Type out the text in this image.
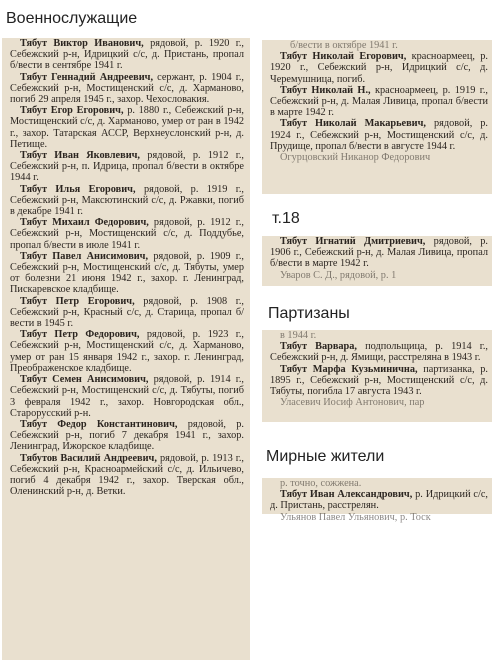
Военнослужащие
т.18
Партизаны
Мирные жители

Тябут Виктор Иванович, рядовой, р. 1920 г., Себежский р-н, Идрицкий с/с, д. Пристань, пропал б/вести в сентябре 1941 г.

Тябут Геннадий Андреевич, сержант, р. 1904 г., Себежский р-н, Мостищенский с/с, д. Харманово, погиб 29 апреля 1945 г., захор. Чехословакия.

Тябут Егор Егорович, р. 1880 г., Себежский р-н, Мостищенский с/с, д. Харманово, умер от ран в 1942 г., захор. Татарская АССР, Верхнеуслонский р-н, д. Петище.

Тябут Иван Яковлевич, рядовой, р. 1912 г., Себежский р-н, п. Идрица, пропал б/вести в октябре 1944 г.

Тябут Илья Егорович, рядовой, р. 1919 г., Себежский р-н, Максютинский с/с, д. Ржавки, погиб в декабре 1941 г.

Тябут Михаил Федорович, рядовой, р. 1912 г., Себежский р-н, Мостищенский с/с, д. Поддубье, пропал б/вести в июле 1941 г.

Тябут Павел Анисимович, рядовой, р. 1909 г., Себежский р-н, Мостищенский с/с, д. Тябуты, умер от болезни 21 июня 1942 г., захор. г. Ленинград, Пискаревское кладбище.

Тябут Петр Егорович, рядовой, р. 1908 г., Себежский р-н, Красный с/с, д. Старица, пропал б/вести в 1945 г.

Тябут Петр Федорович, рядовой, р. 1923 г., Себежский р-н, Мостищенский с/с, д. Харманово, умер от ран 15 января 1942 г., захор. г. Ленинград, Преображенское кладбище.

Тябут Семен Анисимович, рядовой, р. 1914 г., Себежский р-н, Мостищенский с/с, д. Тябуты, погиб 3 февраля 1942 г., захор. Новгородская обл., Старорусский р-н.

Тябут Федор Константинович, рядовой, р. Себежский р-н, погиб 7 декабря 1941 г., захор. Ленинград, Ижорское кладбище.

Тябутов Василий Андреевич, рядовой, р. 1913 г., Себежский р-н, Красноармейский с/с, д. Ильичево, погиб 4 декабря 1942 г., захор. Тверская обл., Оленинский р-н, д. Ветки.

б/вести в октябре 1941 г.

Тябут Николай Егорович, красноармеец, р. 1920 г., Себежский р-н, Идрицкий с/с, д. Черемушница, погиб.

Тябут Николай Н., красноармеец, р. 1919 г., Себежский р-н, д. Малая Ливица, пропал б/вести в марте 1942 г.

Тябут Николай Макарьевич, рядовой, р. 1924 г., Себежский р-н, Мостищенский с/с, д. Прудище, пропал б/вести в августе 1944 г.

Огурцовский Никанор Федорович

Тябут Игнатий Дмитриевич, рядовой, р. 1906 г., Себежский р-н, д. Малая Ливица, пропал б/вести в марте 1942 г.

Уваров С. Д., рядовой, р. 1

в 1944 г.

Тябут Варвара, подпольщица, р. 1914 г., Себежский р-н, д. Ямищи, расстреляна в 1943 г.

Тябут Марфа Кузьминична, партизанка, р. 1895 г., Себежский р-н, Мостищенский с/с, д. Тябуты, погибла 17 августа 1943 г.

Уласевич Иосиф Антонович, пар

р. точно, сожжена.

Тябут Иван Александрович, р. Идрицкий с/с, д. Пристань, расстрелян.

Ульянов Павел Ульянович, р. Тоск
